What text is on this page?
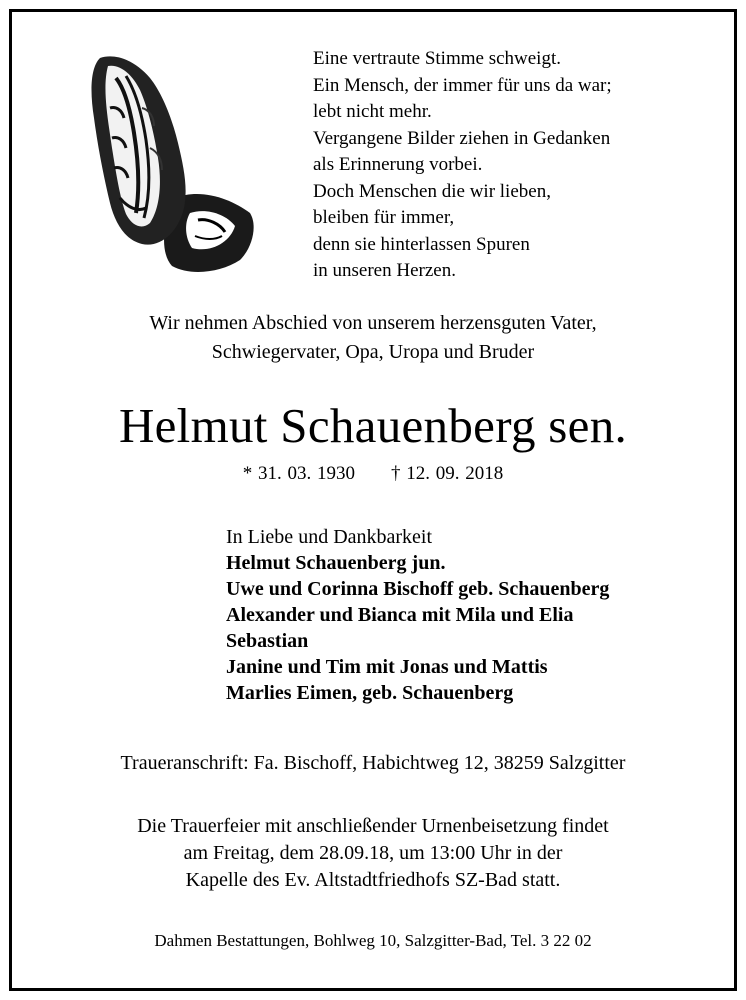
Eine vertraute Stimme schweigt.
Ein Mensch, der immer für uns da war;
lebt nicht mehr.
Vergangene Bilder ziehen in Gedanken
als Erinnerung vorbei.
Doch Menschen die wir lieben,
bleiben für immer,
denn sie hinterlassen Spuren
in unseren Herzen.
Wir nehmen Abschied von unserem herzensguten Vater,
Schwiegervater, Opa, Uropa und Bruder
Helmut Schauenberg sen.
* 31. 03. 1930 † 12. 09. 2018
In Liebe und Dankbarkeit
Helmut Schauenberg jun.
Uwe und Corinna Bischoff geb. Schauenberg
Alexander und Bianca mit Mila und Elia
Sebastian
Janine und Tim mit Jonas und Mattis
Marlies Eimen, geb. Schauenberg
Traueranschrift: Fa. Bischoff, Habichtweg 12, 38259 Salzgitter
Die Trauerfeier mit anschließender Urnenbeisetzung findet
am Freitag, dem 28.09.18, um 13:00 Uhr in der
Kapelle des Ev. Altstadtfriedhofs SZ-Bad statt.
Dahmen Bestattungen, Bohlweg 10, Salzgitter-Bad, Tel. 3 22 02
